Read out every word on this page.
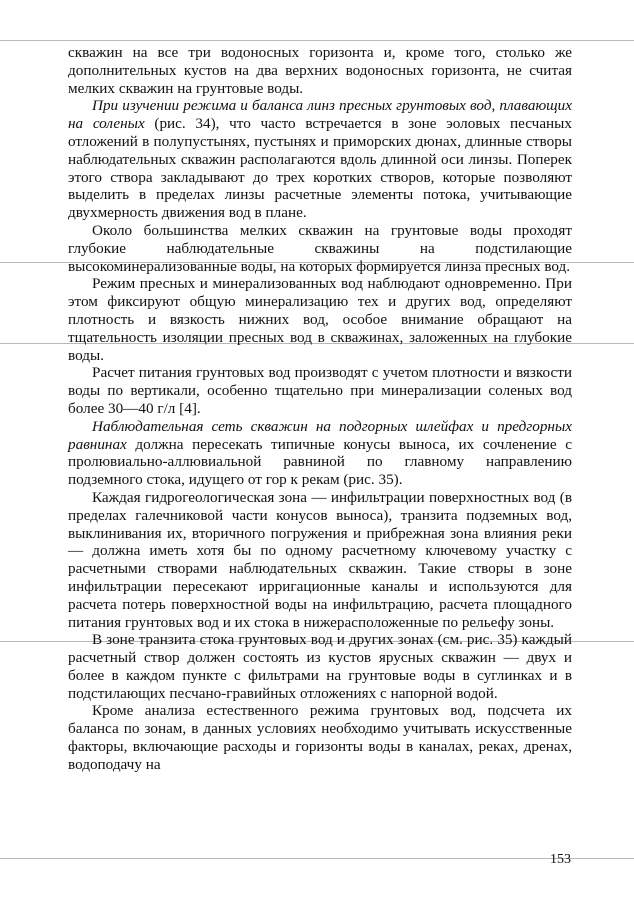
скважин на все три водоносных горизонта и, кроме того, столько же дополнительных кустов на два верхних водоносных горизонта, не считая мелких скважин на грунтовые воды.

При изучении режима и баланса линз пресных грунтовых вод, плавающих на соленых (рис. 34), что часто встречается в зоне эоловых песчаных отложений в полупустынях, пустынях и приморских дюнах, длинные створы наблюдательных скважин располагаются вдоль длинной оси линзы. Поперек этого створа закладывают до трех коротких створов, которые позволяют выделить в пределах линзы расчетные элементы потока, учитывающие двухмерность движения вод в плане.

Около большинства мелких скважин на грунтовые воды проходят глубокие наблюдательные скважины на подстилающие высокоминерализованные воды, на которых формируется линза пресных вод.

Режим пресных и минерализованных вод наблюдают одновременно. При этом фиксируют общую минерализацию тех и других вод, определяют плотность и вязкость нижних вод, особое внимание обращают на тщательность изоляции пресных вод в скважинах, заложенных на глубокие воды.

Расчет питания грунтовых вод производят с учетом плотности и вязкости воды по вертикали, особенно тщательно при минерализации соленых вод более 30—40 г/л [4].

Наблюдательная сеть скважин на подгорных шлейфах и предгорных равнинах должна пересекать типичные конусы выноса, их сочленение с пролювиально-аллювиальной равниной по главному направлению подземного стока, идущего от гор к рекам (рис. 35).

Каждая гидрогеологическая зона — инфильтрации поверхностных вод (в пределах галечниковой части конусов выноса), транзита подземных вод, выклинивания их, вторичного погружения и прибрежная зона влияния реки — должна иметь хотя бы по одному расчетному ключевому участку с расчетными створами наблюдательных скважин. Такие створы в зоне инфильтрации пересекают ирригационные каналы и используются для расчета потерь поверхностной воды на инфильтрацию, расчета площадного питания грунтовых вод и их стока в нижерасположенные по рельефу зоны.

В зоне транзита стока грунтовых вод и других зонах (см. рис. 35) каждый расчетный створ должен состоять из кустов ярусных скважин — двух и более в каждом пункте с фильтрами на грунтовые воды в суглинках и в подстилающих песчано-гравийных отложениях с напорной водой.

Кроме анализа естественного режима грунтовых вод, подсчета их баланса по зонам, в данных условиях необходимо учитывать искусственные факторы, включающие расходы и горизонты воды в каналах, реках, дренах, водоподачу на

153
